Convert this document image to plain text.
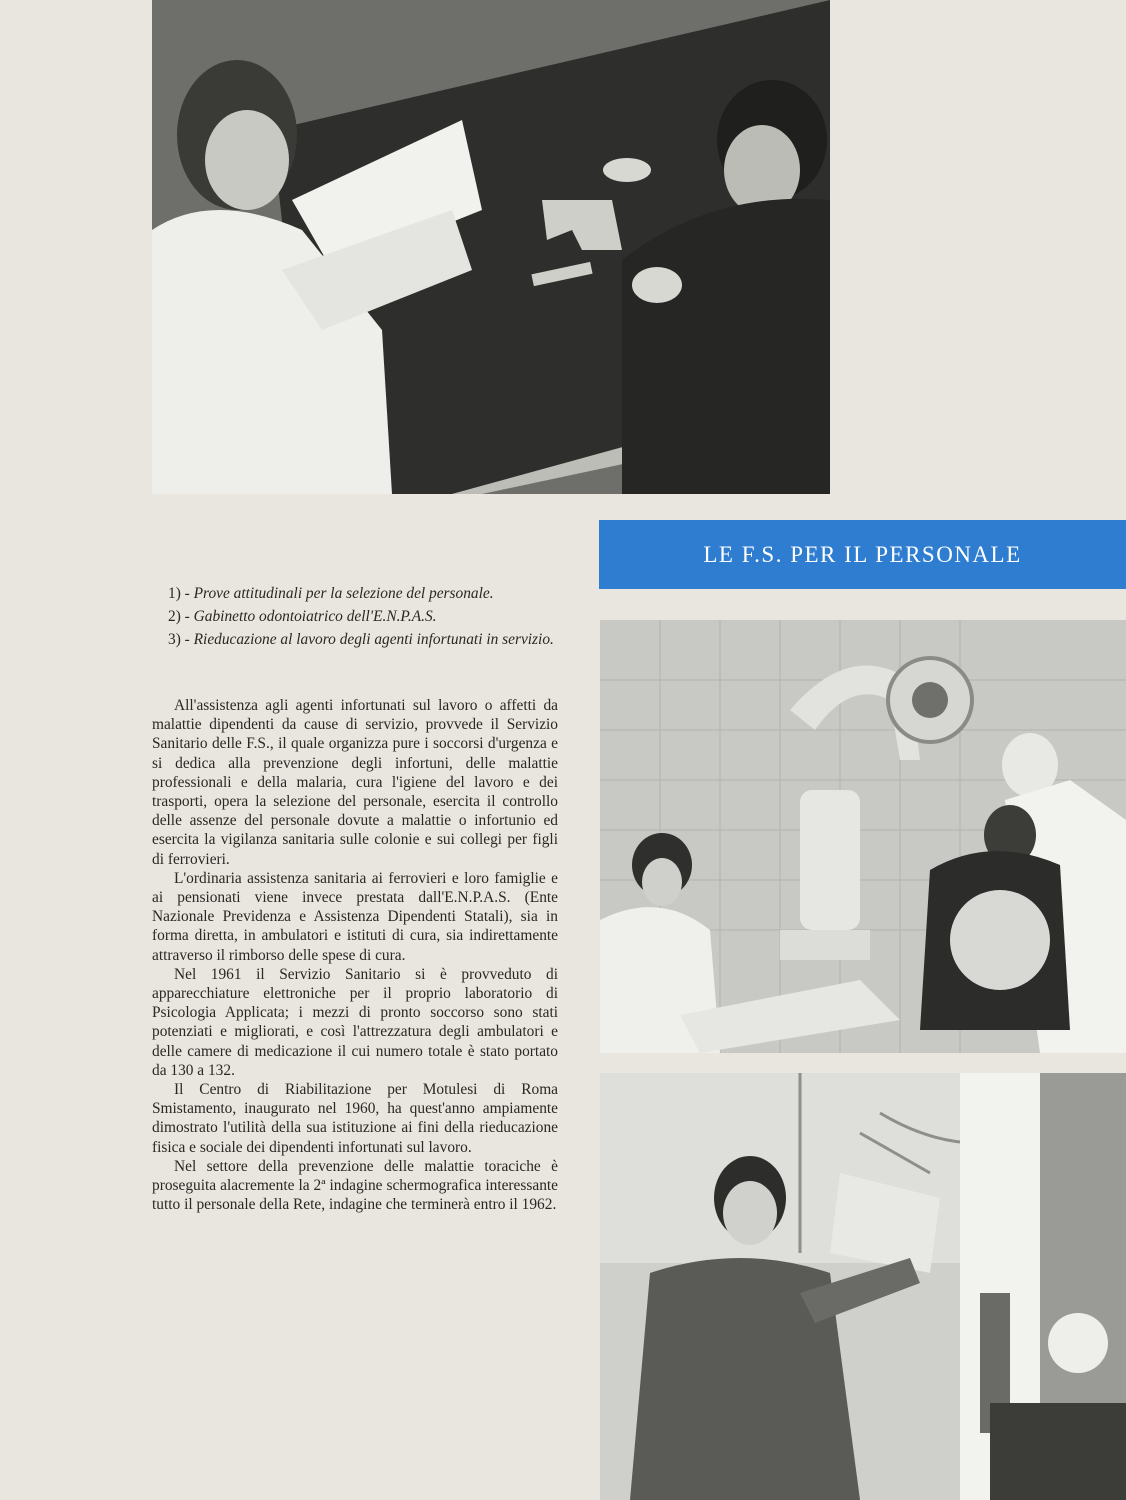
LE F.S. PER IL PERSONALE

1) - Prove attitudinali per la selezione del personale.

2) - Gabinetto odontoiatrico dell'E.N.P.A.S.

3) - Rieducazione al lavoro degli agenti infortunati in servizio.

All'assistenza agli agenti infortunati sul lavoro o affetti da malattie dipendenti da cause di servizio, provvede il Servizio Sanitario delle F.S., il quale organizza pure i soccorsi d'urgenza e si dedica alla prevenzione degli infortuni, delle malattie professionali e della malaria, cura l'igiene del lavoro e dei trasporti, opera la selezione del personale, esercita il controllo delle assenze del personale dovute a malattie o infortunio ed esercita la vigilanza sanitaria sulle colonie e sui collegi per figli di ferrovieri.

L'ordinaria assistenza sanitaria ai ferrovieri e loro famiglie e ai pensionati viene invece prestata dall'E.N.P.A.S. (Ente Nazionale Previdenza e Assistenza Dipendenti Statali), sia in forma diretta, in ambulatori e istituti di cura, sia indirettamente attraverso il rimborso delle spese di cura.

Nel 1961 il Servizio Sanitario si è provveduto di apparecchiature elettroniche per il proprio laboratorio di Psicologia Applicata; i mezzi di pronto soccorso sono stati potenziati e migliorati, e così l'attrezzatura degli ambulatori e delle camere di medicazione il cui numero totale è stato portato da 130 a 132.

Il Centro di Riabilitazione per Motulesi di Roma Smistamento, inaugurato nel 1960, ha quest'anno ampiamente dimostrato l'utilità della sua istituzione ai fini della rieducazione fisica e sociale dei dipendenti infortunati sul lavoro.

Nel settore della prevenzione delle malattie toraciche è proseguita alacremente la 2ª indagine schermografica interessante tutto il personale della Rete, indagine che terminerà entro il 1962.
